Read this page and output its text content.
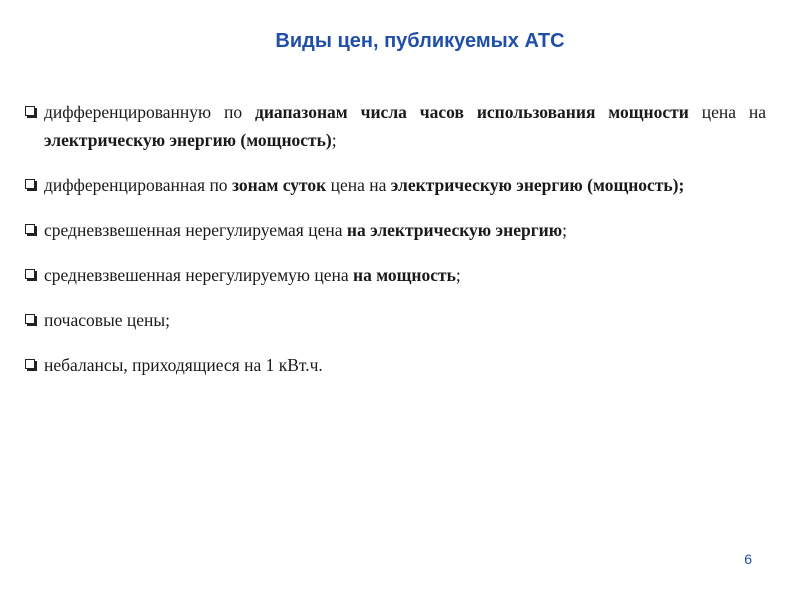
Виды цен, публикуемых АТС
дифференцированную по диапазонам числа часов использования мощности цена на электрическую энергию (мощность);
дифференцированная по зонам суток цена на электрическую энергию (мощность);
средневзвешенная нерегулируемая цена на электрическую энергию;
средневзвешенная нерегулируемую цена на мощность;
почасовые цены;
небалансы, приходящиеся на 1 кВт.ч.
6
